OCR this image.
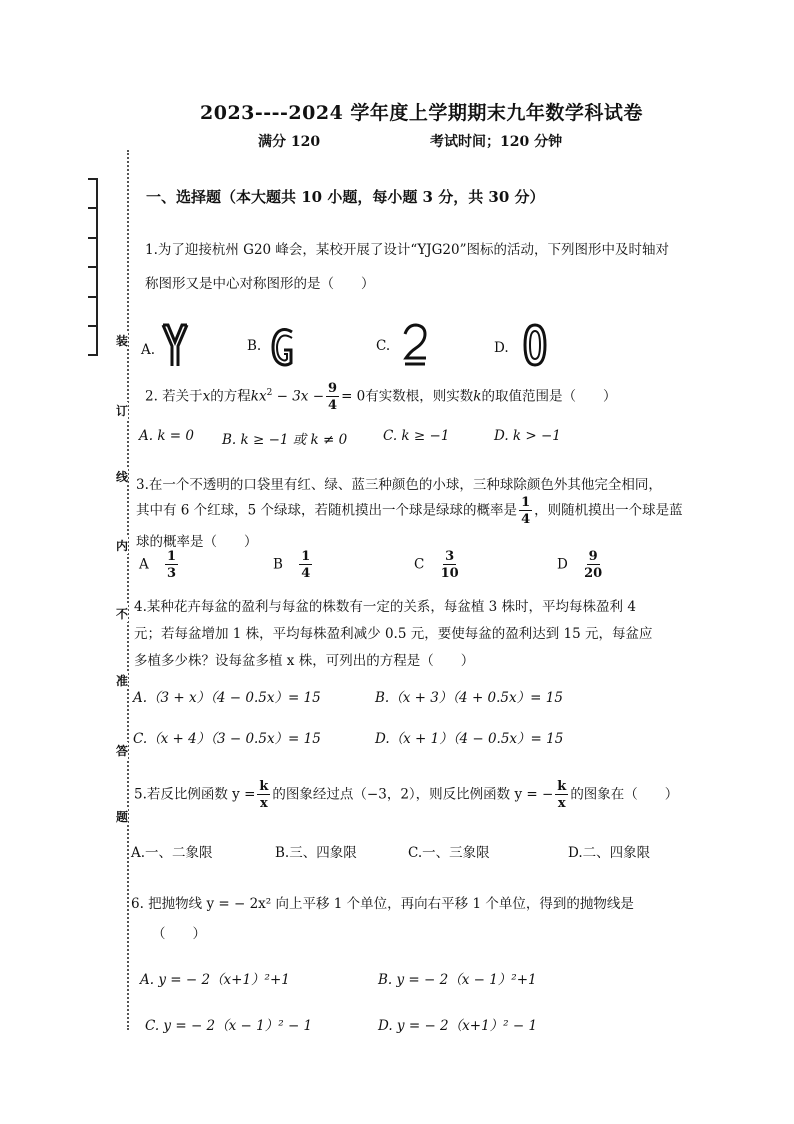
装
订
线
内
不
准
答
题
2023----2024 学年度上学期期末九年数学科试卷
满分 120	考试时间；120 分钟
一、选择题（本大题共 10 小题，每小题 3 分，共 30 分）
1.为了迎接杭州 G20 峰会，某校开展了设计“YJG20”图标的活动，下列图形中及时轴对
称图形又是中心对称图形的是（　　）
A.	B.	C.	D.
2. 若关于x的方程$kx^2 - 3x - \frac{9}{4} = 0$有实数根，则实数k的取值范围是（　　）
A. k = 0 B. k ≥ −1 或 k ≠ 0	C. k ≥ −1	D. k > −1
3.在一个不透明的口袋里有红、绿、蓝三种颜色的小球，三种球除颜色外其他完全相同，
其中有 6 个红球，5 个绿球，若随机摸出一个球是绿球的概率是 $\frac{1}{4}$ ，则随机摸出一个球是蓝
球的概率是（　　）
A $\frac{1}{3}$	B $\frac{1}{4}$	C $\frac{3}{10}$	D $\frac{9}{20}$
4.某种花卉每盆的盈利与每盆的株数有一定的关系，每盆植 3 株时，平均每株盈利 4
元；若每盆增加 1 株，平均每株盈利减少 0.5 元，要使每盆的盈利达到 15 元，每盆应
多植多少株？设每盆多植 x 株，可列出的方程是（　　）
A.（3 + x）（4 − 0.5x）= 15	B.（x + 3）（4 + 0.5x）= 15
C.（x + 4）（3 − 0.5x）= 15	D.（x + 1）（4 − 0.5x）= 15
5.若反比例函数 $y = \frac{k}{x}$ 的图象经过点（−3，2），则反比例函数 y = − $\frac{k}{x}$ 的图象在（　　）
A.一、二象限	B.三、四象限	C.一、三象限	D.二、四象限
6. 把抛物线 y = − 2x² 向上平移 1 个单位，再向右平移 1 个单位，得到的抛物线是
（　　）
A. y = − 2（x+1）²+1	B. y = − 2（x − 1）²+1
C. y = − 2（x − 1）² − 1	D. y = − 2（x+1）² − 1
